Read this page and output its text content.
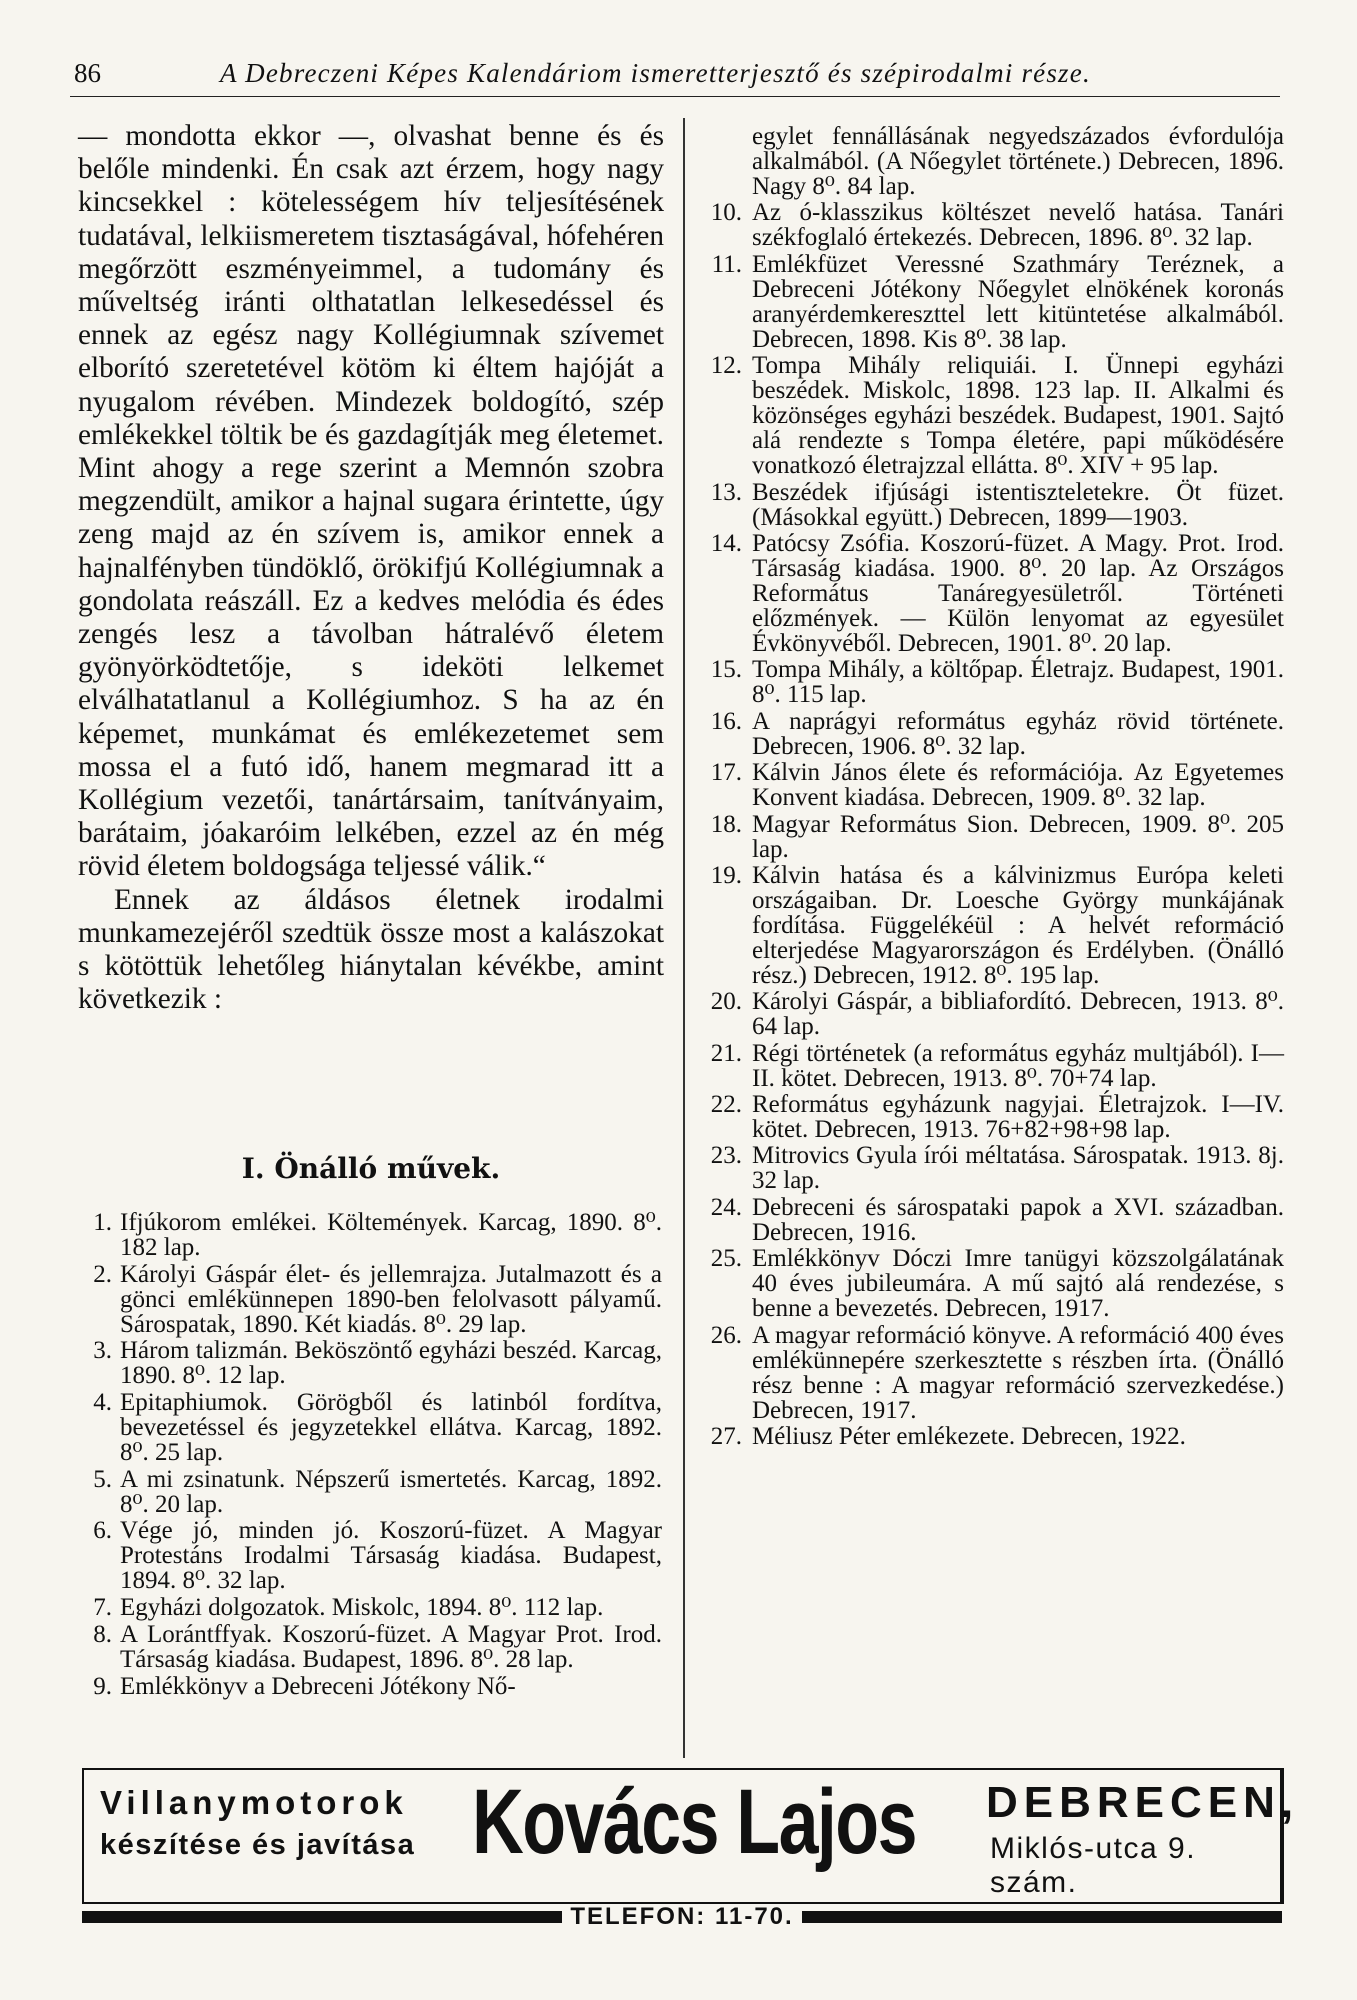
86	A Debreczeni Képes Kalendáriom ismeretterjesztő és szépirodalmi része.

— mondotta ekkor —, olvashat benne és és belőle mindenki. Én csak azt érzem, hogy nagy kincsekkel : kötelességem hív teljesítésének tudatával, lelkiismeretem tisztaságával, hófehéren megőrzött eszményeimmel, a tudomány és műveltség iránti olthatatlan lelkesedéssel és ennek az egész nagy Kollégiumnak szívemet elborító szeretetével kötöm ki éltem hajóját a nyugalom révében. Mindezek boldogító, szép emlékekkel töltik be és gazdagítják meg életemet. Mint ahogy a rege szerint a Memnón szobra megzendült, amikor a hajnal sugara érintette, úgy zeng majd az én szívem is, amikor ennek a hajnalfényben tündöklő, örökifjú Kollégiumnak a gondolata reászáll. Ez a kedves melódia és édes zengés lesz a távolban hátralévő életem gyönyörködtetője, s ideköti lelkemet elválhatatlanul a Kollégiumhoz. S ha az én képemet, munkámat és emlékezetemet sem mossa el a futó idő, hanem megmarad itt a Kollégium vezetői, tanártársaim, tanítványaim, barátaim, jóakaróim lelkében, ezzel az én még rövid életem boldogsága teljessé válik.“

Ennek az áldásos életnek irodalmi munkamezejéről szedtük össze most a kalászokat s kötöttük lehetőleg hiánytalan kévékbe, amint következik :

I. Önálló művek.
1. Ifjúkorom emlékei. Költemények. Karcag, 1890. 8⁰. 182 lap.
2. Károlyi Gáspár élet- és jellemrajza. Jutalmazott és a gönci emlékünnepen 1890-ben felolvasott pályamű. Sárospatak, 1890. Két kiadás. 8⁰. 29 lap.
3. Három talizmán. Beköszöntő egyházi beszéd. Karcag, 1890. 8⁰. 12 lap.
4. Epitaphiumok. Görögből és latinból fordítva, bevezetéssel és jegyzetekkel ellátva. Karcag, 1892. 8⁰. 25 lap.
5. A mi zsinatunk. Népszerű ismertetés. Karcag, 1892. 8⁰. 20 lap.
6. Vége jó, minden jó. Koszorú-füzet. A Magyar Protestáns Irodalmi Társaság kiadása. Budapest, 1894. 8⁰. 32 lap.
7. Egyházi dolgozatok. Miskolc, 1894. 8⁰. 112 lap.
8. A Lorántffyak. Koszorú-füzet. A Magyar Prot. Irod. Társaság kiadása. Budapest, 1896. 8⁰. 28 lap.
9. Emlékkönyv a Debreceni Jótékony Nő-
egylet fennállásának negyedszázados évfordulója alkalmából. (A Nőegylet története.) Debrecen, 1896. Nagy 8⁰. 84 lap.
10. Az ó-klasszikus költészet nevelő hatása. Tanári székfoglaló értekezés. Debrecen, 1896. 8⁰. 32 lap.
11. Emlékfüzet Veressné Szathmáry Teréznek, a Debreceni Jótékony Nőegylet elnökének koronás aranyérdemkereszttel lett kitüntetése alkalmából. Debrecen, 1898. Kis 8⁰. 38 lap.
12. Tompa Mihály reliquiái. I. Ünnepi egyházi beszédek. Miskolc, 1898. 123 lap. II. Alkalmi és közönséges egyházi beszédek. Budapest, 1901. Sajtó alá rendezte s Tompa életére, papi működésére vonatkozó életrajzzal ellátta. 8⁰. XIV + 95 lap.
13. Beszédek ifjúsági istentiszteletekre. Öt füzet. (Másokkal együtt.) Debrecen, 1899—1903.
14. Patócsy Zsófia. Koszorú-füzet. A Magy. Prot. Irod. Társaság kiadása. 1900. 8⁰. 20 lap. Az Országos Református Tanáregyesületről. Történeti előzmények. — Külön lenyomat az egyesület Évkönyvéből. Debrecen, 1901. 8⁰. 20 lap.
15. Tompa Mihály, a költőpap. Életrajz. Budapest, 1901. 8⁰. 115 lap.
16. A naprágyi református egyház rövid története. Debrecen, 1906. 8⁰. 32 lap.
17. Kálvin János élete és reformációja. Az Egyetemes Konvent kiadása. Debrecen, 1909. 8⁰. 32 lap.
18. Magyar Református Sion. Debrecen, 1909. 8⁰. 205 lap.
19. Kálvin hatása és a kálvinizmus Európa keleti országaiban. Dr. Loesche György munkájának fordítása. Függelékéül : A helvét reformáció elterjedése Magyarországon és Erdélyben. (Önálló rész.) Debrecen, 1912. 8⁰. 195 lap.
20. Károlyi Gáspár, a bibliafordító. Debrecen, 1913. 8⁰. 64 lap.
21. Régi történetek (a református egyház multjából). I—II. kötet. Debrecen, 1913. 8⁰. 70+74 lap.
22. Református egyházunk nagyjai. Életrajzok. I—IV. kötet. Debrecen, 1913. 76+82+98+98 lap.
23. Mitrovics Gyula írói méltatása. Sárospatak. 1913. 8j. 32 lap.
24. Debreceni és sárospataki papok a XVI. században. Debrecen, 1916.
25. Emlékkönyv Dóczi Imre tanügyi közszolgálatának 40 éves jubileumára. A mű sajtó alá rendezése, s benne a bevezetés. Debrecen, 1917.
26. A magyar reformáció könyve. A reformáció 400 éves emlékünnepére szerkesztette s részben írta. (Önálló rész benne : A magyar reformáció szervezkedése.) Debrecen, 1917.
27. Méliusz Péter emlékezete. Debrecen, 1922.
Villanymotorok
készítése és javítása Kovács Lajos DEBRECEN,
Miklós-utca 9. szám.
TELEFON: 11-70.
